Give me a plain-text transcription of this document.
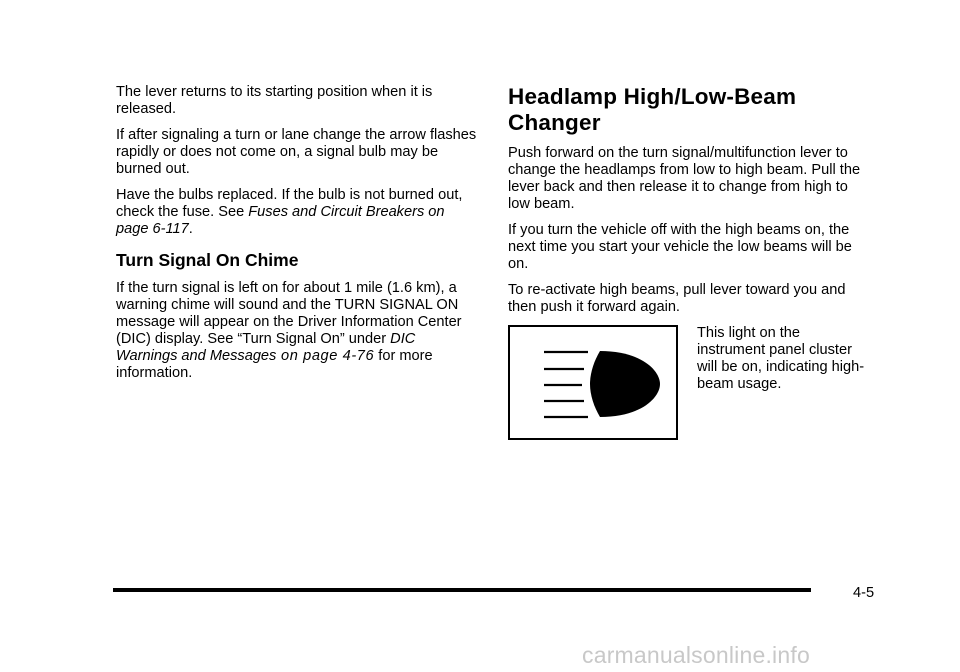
The lever returns to its starting position when it is released.

If after signaling a turn or lane change the arrow flashes rapidly or does not come on, a signal bulb may be burned out.

Have the bulbs replaced. If the bulb is not burned out, check the fuse. See Fuses and Circuit Breakers on page 6-117.

Turn Signal On Chime

If the turn signal is left on for about 1 mile (1.6 km), a warning chime will sound and the TURN SIGNAL ON message will appear on the Driver Information Center (DIC) display. See “Turn Signal On” under DIC Warnings and Messages on page 4-76 for more information.

Headlamp High/Low-Beam Changer

Push forward on the turn signal/multifunction lever to change the headlamps from low to high beam. Pull the lever back and then release it to change from high to low beam.

If you turn the vehicle off with the high beams on, the next time you start your vehicle the low beams will be on.

To re-activate high beams, pull lever toward you and then push it forward again.

This light on the instrument panel cluster will be on, indicating high-beam usage.
4-5
carmanualsonline.info
